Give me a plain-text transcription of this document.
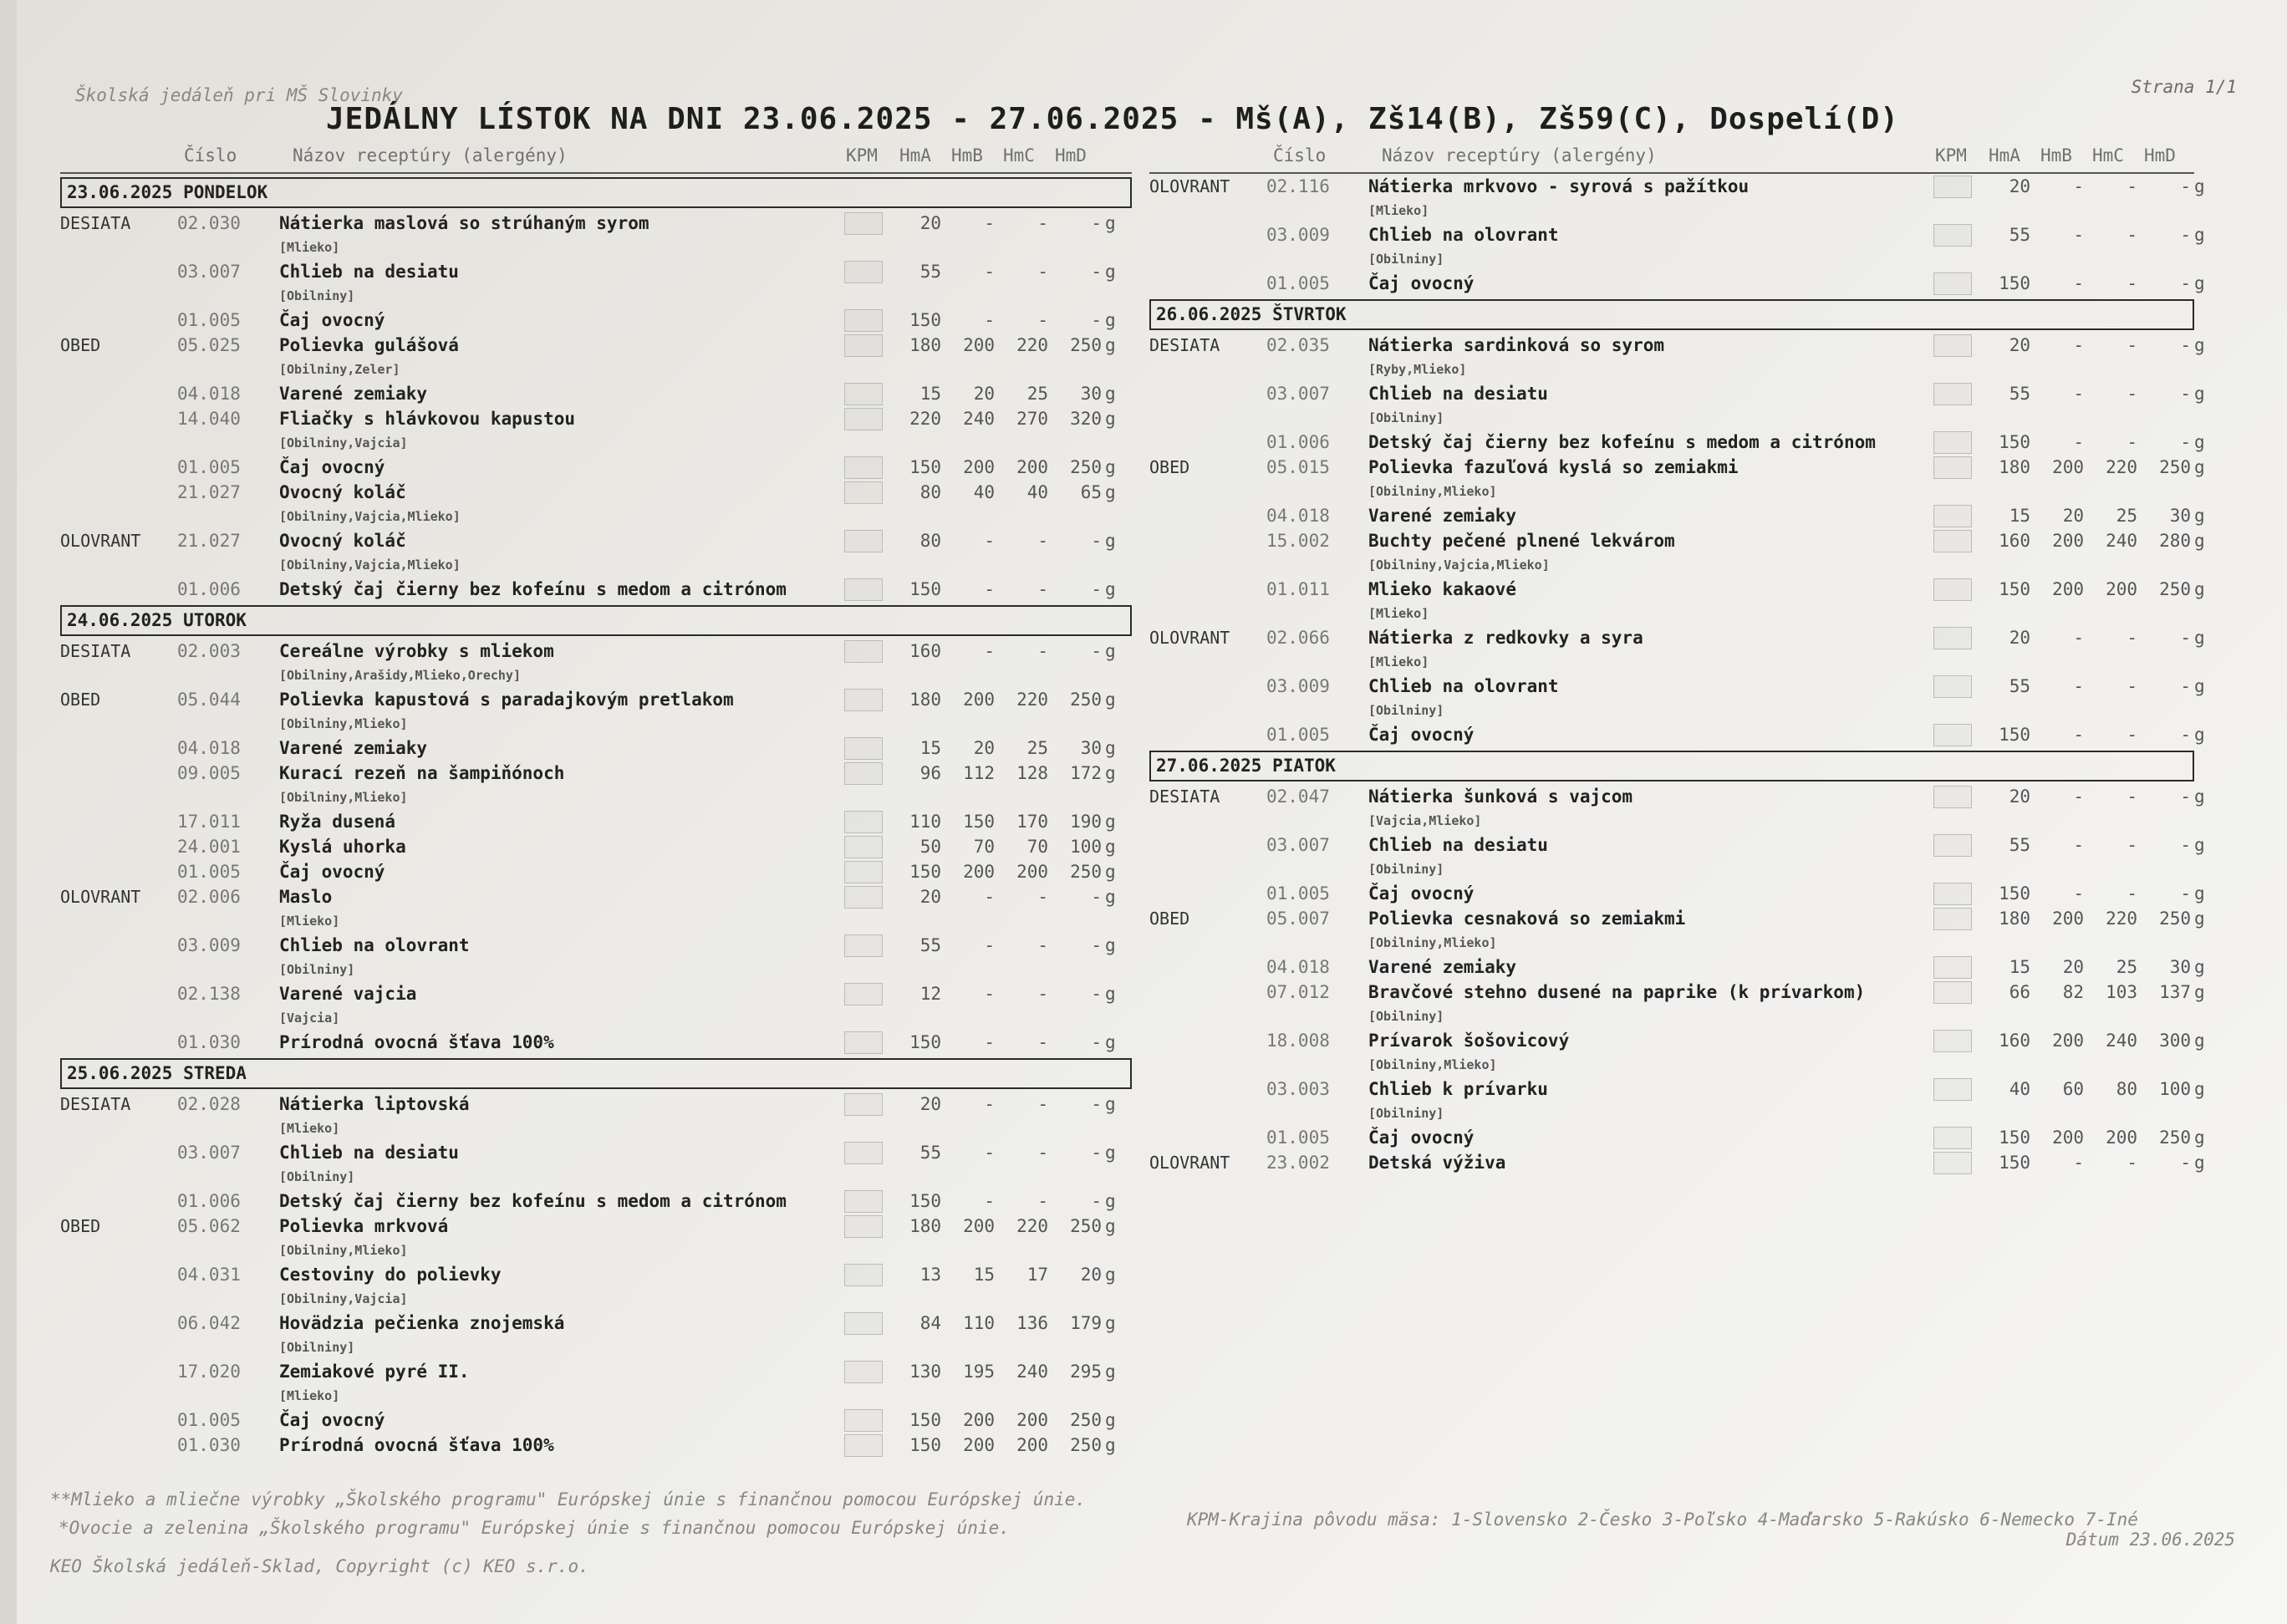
Školská jedáleň pri MŠ Slovinky	Strana 1/1
JEDÁLNY LÍSTOK NA DNI 23.06.2025 - 27.06.2025 - Mš(A), Zš14(B), Zš59(C), Dospelí(D)
Číslo	Názov receptúry (alergény)	KPM HmA HmB HmC HmD
23.06.2025 PONDELOK
DESIATA	02.030 Nátierka maslová so strúhaným syrom	20	-	-	- g
[Mlieko]
03.007 Chlieb na desiatu	55	-	-	- g
[Obilniny]
01.005 Čaj ovocný	150	-	-	- g
OBED	05.025 Polievka gulášová	180	200	220	250 g
[Obilniny,Zeler]
04.018 Varené zemiaky	15	20	25	30 g
14.040 Fliačky s hlávkovou kapustou	220	240	270	320 g
[Obilniny,Vajcia]
01.005 Čaj ovocný	150	200	200	250 g
21.027 Ovocný koláč	80	40	40	65 g
[Obilniny,Vajcia,Mlieko]
OLOVRANT 21.027 Ovocný koláč	80	-	-	- g
[Obilniny,Vajcia,Mlieko]
01.006 Detský čaj čierny bez kofeínu s medom a citrónom	150	-	-	- g
24.06.2025 UTOROK
DESIATA	02.003 Cereálne výrobky s mliekom	160	-	-	- g
[Obilniny,Arašidy,Mlieko,Orechy]
OBED	05.044 Polievka kapustová s paradajkovým pretlakom	180	200	220	250 g
[Obilniny,Mlieko]
04.018 Varené zemiaky	15	20	25	30 g
09.005 Kurací rezeň na šampiňónoch	96	112	128	172 g
[Obilniny,Mlieko]
17.011 Ryža dusená	110	150	170	190 g
24.001 Kyslá uhorka	50	70	70	100 g
01.005 Čaj ovocný	150	200	200	250 g
OLOVRANT 02.006 Maslo	20	-	-	- g
[Mlieko]
03.009 Chlieb na olovrant	55	-	-	- g
[Obilniny]
02.138 Varené vajcia	12	-	-	- g
[Vajcia]
01.030 Prírodná ovocná šťava 100%	150	-	-	- g
25.06.2025 STREDA
DESIATA	02.028 Nátierka liptovská	20	-	-	- g
[Mlieko]
03.007 Chlieb na desiatu	55	-	-	- g
[Obilniny]
01.006 Detský čaj čierny bez kofeínu s medom a citrónom	150	-	-	- g
OBED	05.062 Polievka mrkvová	180	200	220	250 g
[Obilniny,Mlieko]
04.031 Cestoviny do polievky	13	15	17	20 g
[Obilniny,Vajcia]
06.042 Hovädzia pečienka znojemská	84	110	136	179 g
[Obilniny]
17.020 Zemiakové pyré II.	130	195	240	295 g
[Mlieko]
01.005 Čaj ovocný	150	200	200	250 g
01.030 Prírodná ovocná šťava 100%	150	200	200	250 g
Číslo	Názov receptúry (alergény)	KPM HmA HmB HmC HmD
OLOVRANT 02.116 Nátierka mrkvovo - syrová s pažítkou	20	-	-	- g
[Mlieko]
03.009 Chlieb na olovrant	55	-	-	- g
[Obilniny]
01.005 Čaj ovocný	150	-	-	- g
26.06.2025 ŠTVRTOK
DESIATA	02.035 Nátierka sardinková so syrom	20	-	-	- g
[Ryby,Mlieko]
03.007 Chlieb na desiatu	55	-	-	- g
[Obilniny]
01.006 Detský čaj čierny bez kofeínu s medom a citrónom	150	-	-	- g
OBED	05.015 Polievka fazuľová kyslá so zemiakmi	180	200	220	250 g
[Obilniny,Mlieko]
04.018 Varené zemiaky	15	20	25	30 g
15.002 Buchty pečené plnené lekvárom	160	200	240	280 g
[Obilniny,Vajcia,Mlieko]
01.011 Mlieko kakaové	150	200	200	250 g
[Mlieko]
OLOVRANT 02.066 Nátierka z redkovky a syra	20	-	-	- g
[Mlieko]
03.009 Chlieb na olovrant	55	-	-	- g
[Obilniny]
01.005 Čaj ovocný	150	-	-	- g
27.06.2025 PIATOK
DESIATA	02.047 Nátierka šunková s vajcom	20	-	-	- g
[Vajcia,Mlieko]
03.007 Chlieb na desiatu	55	-	-	- g
[Obilniny]
01.005 Čaj ovocný	150	-	-	- g
OBED	05.007 Polievka cesnaková so zemiakmi	180	200	220	250 g
[Obilniny,Mlieko]
04.018 Varené zemiaky	15	20	25	30 g
07.012 Bravčové stehno dusené na paprike (k prívarkom)	66	82	103	137 g
[Obilniny]
18.008 Prívarok šošovicový	160	200	240	300 g
[Obilniny,Mlieko]
03.003 Chlieb k prívarku	40	60	80	100 g
[Obilniny]
01.005 Čaj ovocný	150	200	200	250 g
OLOVRANT 23.002 Detská výživa	150	-	-	- g
**Mlieko a mliečne výrobky „Školského programu" Európskej únie s finančnou pomocou Európskej únie.
*Ovocie a zelenina „Školského programu" Európskej únie s finančnou pomocou Európskej únie.
KEO Školská jedáleň-Sklad, Copyright (c) KEO s.r.o.
KPM-Krajina pôvodu mäsa: 1-Slovensko 2-Česko 3-Poľsko 4-Maďarsko 5-Rakúsko 6-Nemecko 7-Iné
Dátum 23.06.2025
